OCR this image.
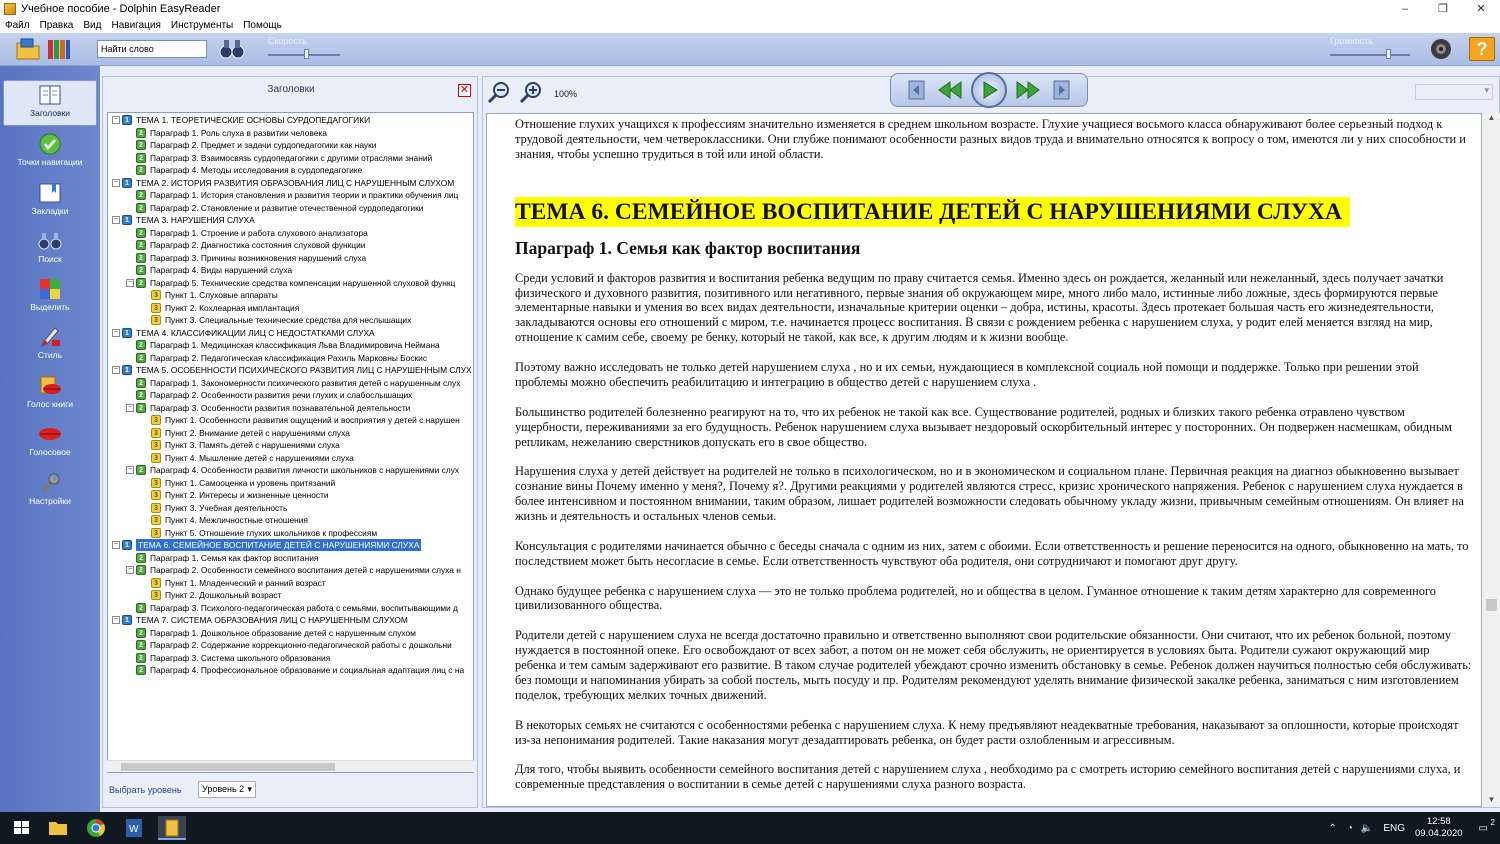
Учебное пособие - Dolphin EasyReader	–	❐	✕
Файл Правка Вид Навигация Инструменты Помощь
Найти слово
Скорость	Громкость	?
Заголовки
Точки навигации
Закладки
Поиск
Выделить
Стиль
Голос книги
Голосовое
Настройки
Заголовки	✕
−	1 ТЕМА 1. ТЕОРЕТИЧЕСКИЕ ОСНОВЫ СУРДОПЕДАГОГИКИ
2 Параграф 1. Роль слуха в развитии человека
2 Параграф 2. Предмет и задачи сурдопедагогики как науки
2 Параграф 3. Взаимосвязь сурдопедагогики с другими отраслями знаний
2 Параграф 4. Методы исследования в сурдопедагогике
−	1 ТЕМА 2. ИСТОРИЯ РАЗВИТИЯ ОБРАЗОВАНИЯ ЛИЦ С НАРУШЕННЫМ СЛУХОМ
2 Параграф 1. История становления и развития теории и практики обучения лиц
2 Параграф 2. Становление и развитие отечественной сурдопедагогики
−	1 ТЕМА 3. НАРУШЕНИЯ СЛУХА
2 Параграф 1. Строение и работа слухового анализатора
2 Параграф 2. Диагностика состояния слуховой функции
2 Параграф 3. Причины возникновения нарушений слуха
2 Параграф 4. Виды нарушений слуха
−	2 Параграф 5. Технические средства компенсации нарушенной слуховой функц
3 Пункт 1. Слуховые аппараты
3 Пункт 2. Кохлеарная имплантация
3 Пункт 3. Специальные технические средства для неслышащих
−	1 ТЕМА 4. КЛАССИФИКАЦИИ ЛИЦ С НЕДОСТАТКАМИ СЛУХА
2 Параграф 1. Медицинская классификация Льва Владимировича Неймана
2 Параграф 2. Педагогическая классификация Рахиль Марковны Боскис
−	1 ТЕМА 5. ОСОБЕННОСТИ ПСИХИЧЕСКОГО РАЗВИТИЯ ЛИЦ С НАРУШЕННЫМ СЛУХ
2 Параграф 1. Закономерности психического развития детей с нарушенным слух
2 Параграф 2. Особенности развития речи глухих и слабослышащих
−	2 Параграф 3. Особенности развития познавательной деятельности
3 Пункт 1. Особенности развития ощущений и восприятия у детей с нарушен
3 Пункт 2. Внимание детей с нарушениями слуха
3 Пункт 3. Память детей с нарушениями слуха
3 Пункт 4. Мышление детей с нарушениями слуха
−	2 Параграф 4. Особенности развития личности школьников с нарушениями слух
3 Пункт 1. Самооценка и уровень притязаний
3 Пункт 2. Интересы и жизненные ценности
3 Пункт 3. Учебная деятельность
3 Пункт 4. Межличностные отношения
3 Пункт 5. Отношение глухих школьников к профессиям
−	1	ТЕМА 6. СЕМЕЙНОЕ ВОСПИТАНИЕ ДЕТЕЙ С НАРУШЕНИЯМИ СЛУХА
2 Параграф 1. Семья как фактор воспитания
−	2 Параграф 2. Особенности семейного воспитания детей с нарушениями слуха н
3 Пункт 1. Младенческий и ранний возраст
3 Пункт 2. Дошкольный возраст
2 Параграф 3. Психолого-педагогическая работа с семьями, воспитывающими д
−	1 ТЕМА 7. СИСТЕМА ОБРАЗОВАНИЯ ЛИЦ С НАРУШЕННЫМ СЛУХОМ
2 Параграф 1. Дошкольное образование детей с нарушенным слухом
2 Параграф 2. Содержание коррекционно-педагогической работы с дошкольни
2 Параграф 3. Система школьного образования
2 Параграф 4. Профессиональное образование и социальная адаптация лиц с на
Выбрать уровень	Уровень 2 ▾
100%	▾

Отношение глухих учащихся к профессиям значительно изменяется в среднем школьном возрасте. Глухие учащиеся восьмого класса обнаруживают более серьезный подход к трудовой деятельности, чем четвероклассники. Они глубже понимают особенности разных видов труда и внимательно относятся к вопросу о том, имеются ли у них способности и знания, чтобы успешно трудиться в той или иной области.

ТЕМА 6. СЕМЕЙНОЕ ВОСПИТАНИЕ ДЕТЕЙ С НАРУШЕНИЯМИ СЛУХА
Параграф 1. Семья как фактор воспитания

Среди условий и факторов развития и воспитания ребенка ведущим по праву считается семья. Именно здесь он рождается, желанный или нежеланный, здесь получает зачатки физического и духовного развития, позитивного или негативного, первые знания об окружающем мире, много либо мало, истинные либо ложные, здесь формируются первые элементарные навыки и умения во всех видах деятельности, изначальные критерии оценки – добра, истины, красоты. Здесь протекает большая часть его жизнедеятельности, закладываются основы его отношений с миром, т.е. начинается процесс воспитания. В связи с рождением ребенка с нарушением слуха, у родит елей меняется взгляд на мир, отношение к самим себе, своему ре бенку, который не такой, как все, к другим людям и к жизни вообще.

Поэтому важно исследовать не только детей нарушением слуха , но и их семьи, нуждающиеся в комплексной социаль ной помощи и поддержке. Только при решении этой проблемы можно обеспечить реабилитацию и интеграцию в общество детей с нарушением слуха .

Большинство родителей болезненно реагируют на то, что их ребенок не такой как все. Существование родителей, родных и близких такого ребенка отравлено чувством ущербности, переживаниями за его будущность. Ребенок нарушением слуха вызывает нездоровый оскорбительный интерес у посторонних. Он подвержен насмешкам, обидным репликам, нежеланию сверстников допускать его в свое общество.

Нарушения слуха у детей действует на родителей не только в психологическом, но и в экономическом и социальном плане. Первичная реакция на диагноз обыкновенно вызывает сознание вины Почему именно у меня?, Почему я?. Другими реакциями у родителей являются стресс, кризис хронического напряжения. Ребенок с нарушением слуха нуждается в более интенсивном и постоянном внимании, таким образом, лишает родителей возможности следовать обычному укладу жизни, привычным семейным отношениям. Он влияет на жизнь и деятельность и остальных членов семьи.

Консультация с родителями начинается обычно с беседы сначала с одним из них, затем с обоими. Если ответственность и решение переносится на одного, обыкновенно на мать, то последствием может быть несогласие в семье. Если ответственность чувствуют оба родителя, они сотрудничают и помогают друг другу.

Однако будущее ребенка с нарушением слуха — это не только проблема родителей, но и общества в целом. Гуманное отношение к таким детям характерно для современного цивилизованного общества.

Родители детей с нарушением слуха не всегда достаточно правильно и ответственно выполняют свои родительские обязанности. Они считают, что их ребенок больной, поэтому нуждается в постоянной опеке. Его освобождают от всех забот, а потом он не может себя обслужить, не ориентируется в условиях быта. Родители сужают окружающий мир ребенка и тем самым задерживают его развитие. В таком случае родителей убеждают срочно изменить обстановку в семье. Ребенок должен научиться полностью себя обслуживать: без помощи и напоминания убирать за собой постель, мыть посуду и пр. Родителям рекомендуют уделять внимание физической закалке ребенка, заниматься с ним изготовлением поделок, требующих мелких точных движений.

В некоторых семьях не считаются с особенностями ребенка с нарушением слуха. К нему предъявляют неадекватные требования, наказывают за оплошности, которые происходят из-за непонимания родителей. Такие наказания могут дезадаптировать ребенка, он будет расти озлобленным и агрессивным.

Для того, чтобы выявить особенности семейного воспитания детей с нарушением слуха , необходимо ра с смотреть историю семейного воспитания детей с нарушениями слуха, и современные представления о воспитании в семье детей с нарушениями слуха разного возраста.

▲
▼
W	⌃ ◔ 🔈 ENG
12:58
09.04.2020 ▭
2
